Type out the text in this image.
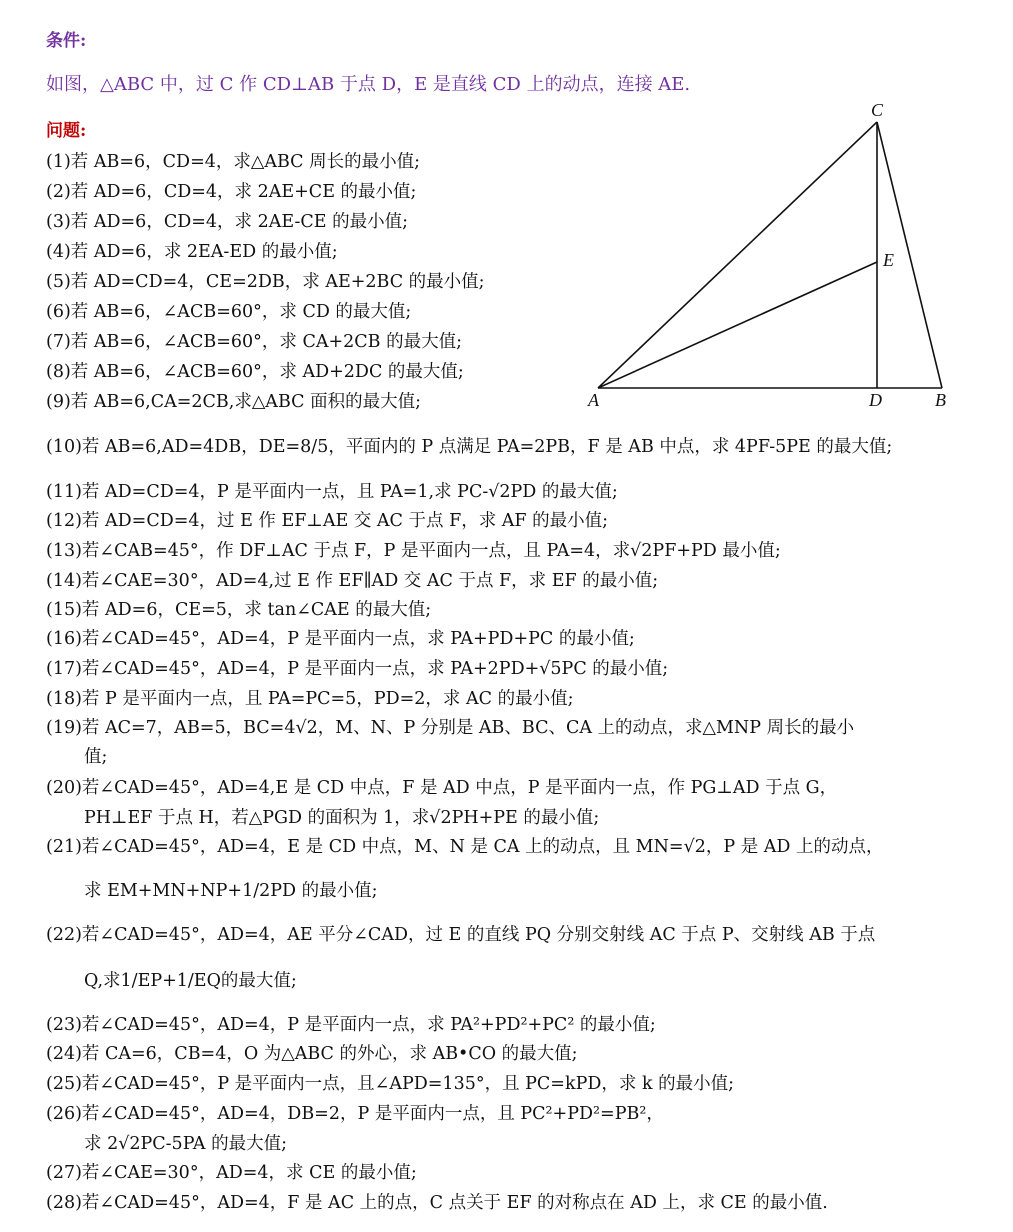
条件:
如图，△ABC 中，过 C 作 CD⊥AB 于点 D，E 是直线 CD 上的动点，连接 AE.
问题:
C
E
A	D	B
(1)若 AB=6，CD=4，求△ABC 周长的最小值;
(2)若 AD=6，CD=4，求 2AE+CE 的最小值;
(3)若 AD=6，CD=4，求 2AE-CE 的最小值;
(4)若 AD=6，求 2EA-ED 的最小值;
(5)若 AD=CD=4，CE=2DB，求 AE+2BC 的最小值;
(6)若 AB=6，∠ACB=60°，求 CD 的最大值;
(7)若 AB=6，∠ACB=60°，求 CA+2CB 的最大值;
(8)若 AB=6，∠ACB=60°，求 AD+2DC 的最大值;
(9)若 AB=6,CA=2CB,求△ABC 面积的最大值;
(10)若 AB=6,AD=4DB，DE=8/5，平面内的 P 点满足 PA=2PB，F 是 AB 中点，求 4PF-5PE 的最大值;
(11)若 AD=CD=4，P 是平面内一点，且 PA=1,求 PC-√2PD 的最大值;
(12)若 AD=CD=4，过 E 作 EF⊥AE 交 AC 于点 F，求 AF 的最小值;
(13)若∠CAB=45°，作 DF⊥AC 于点 F，P 是平面内一点，且 PA=4，求√2PF+PD 最小值;
(14)若∠CAE=30°，AD=4,过 E 作 EF∥AD 交 AC 于点 F，求 EF 的最小值;
(15)若 AD=6，CE=5，求 tan∠CAE 的最大值;
(16)若∠CAD=45°，AD=4，P 是平面内一点，求 PA+PD+PC 的最小值;
(17)若∠CAD=45°，AD=4，P 是平面内一点，求 PA+2PD+√5PC 的最小值;
(18)若 P 是平面内一点，且 PA=PC=5，PD=2，求 AC 的最小值;
(19)若 AC=7，AB=5，BC=4√2，M、N、P 分别是 AB、BC、CA 上的动点，求△MNP 周长的最小
值;
(20)若∠CAD=45°，AD=4,E 是 CD 中点，F 是 AD 中点，P 是平面内一点，作 PG⊥AD 于点 G，
PH⊥EF 于点 H，若△PGD 的面积为 1，求√2PH+PE 的最小值;
(21)若∠CAD=45°，AD=4，E 是 CD 中点，M、N 是 CA 上的动点，且 MN=√2，P 是 AD 上的动点，
求 EM+MN+NP+1/2PD 的最小值;
(22)若∠CAD=45°，AD=4，AE 平分∠CAD，过 E 的直线 PQ 分别交射线 AC 于点 P、交射线 AB 于点
Q,求1/EP+1/EQ的最大值;
(23)若∠CAD=45°，AD=4，P 是平面内一点，求 PA²+PD²+PC² 的最小值;
(24)若 CA=6，CB=4，O 为△ABC 的外心，求 AB•CO 的最大值;
(25)若∠CAD=45°，P 是平面内一点，且∠APD=135°，且 PC=kPD，求 k 的最小值;
(26)若∠CAD=45°，AD=4，DB=2，P 是平面内一点，且 PC²+PD²=PB²，
求 2√2PC-5PA 的最大值;
(27)若∠CAE=30°，AD=4，求 CE 的最小值;
(28)若∠CAD=45°，AD=4，F 是 AC 上的点，C 点关于 EF 的对称点在 AD 上，求 CE 的最小值.
